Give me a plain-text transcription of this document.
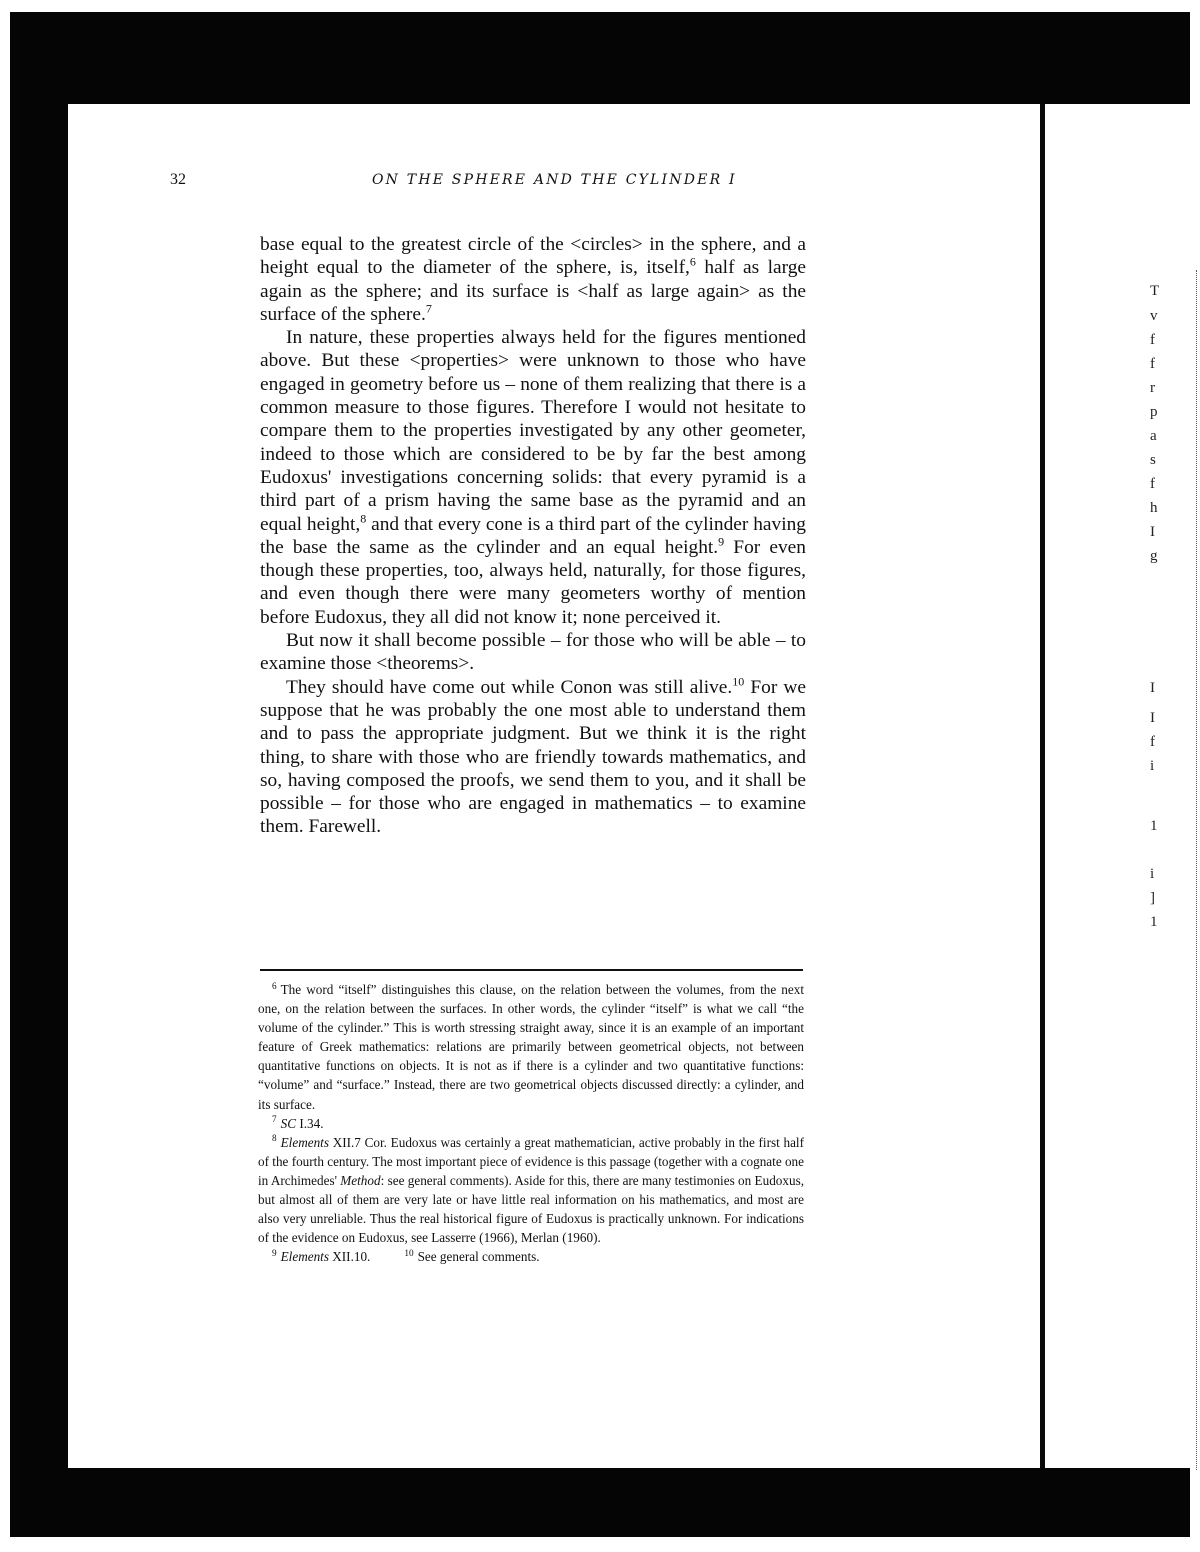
32	ON THE SPHERE AND THE CYLINDER I

base equal to the greatest circle of the <circles> in the sphere, and a height equal to the diameter of the sphere, is, itself,$^6$ half as large again as the sphere; and its surface is <half as large again> as the surface of the sphere.$^7$

In nature, these properties always held for the figures mentioned above. But these <properties> were unknown to those who have engaged in geometry before us – none of them realizing that there is a common measure to those figures. Therefore I would not hesitate to compare them to the properties investigated by any other geometer, indeed to those which are considered to be by far the best among Eudoxus' investigations concerning solids: that every pyramid is a third part of a prism having the same base as the pyramid and an equal height,$^8$ and that every cone is a third part of the cylinder having the base the same as the cylinder and an equal height.$^9$ For even though these properties, too, always held, naturally, for those figures, and even though there were many geometers worthy of mention before Eudoxus, they all did not know it; none perceived it.

But now it shall become possible – for those who will be able – to examine those <theorems>.

They should have come out while Conon was still alive.$^{10}$ For we suppose that he was probably the one most able to understand them and to pass the appropriate judgment. But we think it is the right thing, to share with those who are friendly towards mathematics, and so, having composed the proofs, we send them to you, and it shall be possible – for those who are engaged in mathematics – to examine them. Farewell.

$^6$ The word “itself” distinguishes this clause, on the relation between the volumes, from the next one, on the relation between the surfaces. In other words, the cylinder “itself” is what we call “the volume of the cylinder.” This is worth stressing straight away, since it is an example of an important feature of Greek mathematics: relations are primarily between geometrical objects, not between quantitative functions on objects. It is not as if there is a cylinder and two quantitative functions: “volume” and “surface.” Instead, there are two geometrical objects discussed directly: a cylinder, and its surface.

$^7$ SC I.34.

$^8$ Elements XII.7 Cor. Eudoxus was certainly a great mathematician, active probably in the first half of the fourth century. The most important piece of evidence is this passage (together with a cognate one in Archimedes' Method: see general comments). Aside for this, there are many testimonies on Eudoxus, but almost all of them are very late or have little real information on his mathematics, and most are also very unreliable. Thus the real historical figure of Eudoxus is practically unknown. For indications of the evidence on Eudoxus, see Lasserre (1966), Merlan (1960).

$^9$ Elements XII.10.	$^{10}$ See general comments.

T
v
f
f
r
p
a
s
f
h
I
g
I
I
f
i
1
i
]
1
